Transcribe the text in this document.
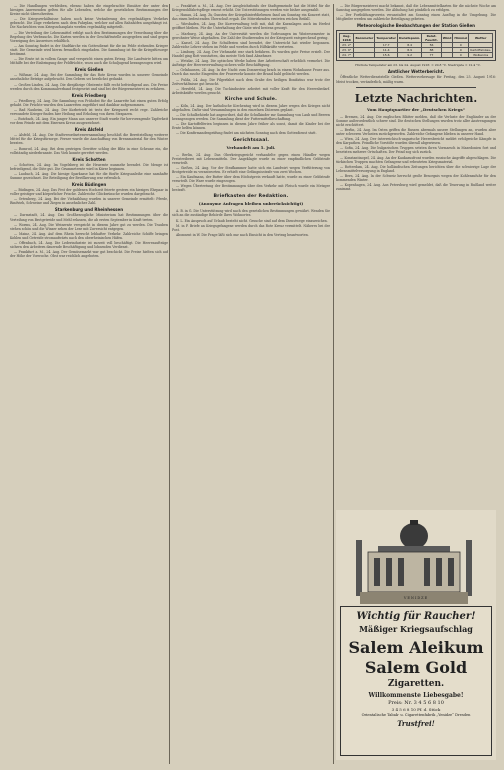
— Die Handlungen verbleiben, ebenso haben die eingebrachte Einsätze der unter den hiesigen Anwesenden gelten für alle Lebenden, welche die gesetzlichen Bestimmungen der Kreise nicht überschreiten.

— Die Kriegsverhältnisse haben noch keine Veränderung des regelmäßigen Verkehrs gebracht. Die Züge verkehren nach dem Fahrplan, welcher auf allen Bahnhöfen ausgehängt ist. Die Nachrichten vom Kriegsschauplatz werden regelmäßig mitgeteilt.

— Die Verteilung der Lebensmittel erfolgt nach den Bestimmungen der Verordnung über die Regelung des Verbrauchs. Die Karten werden in der Geschäftsstelle ausgegeben und sind gegen Vorzeigung des Ausweises erhältlich.

— Am Sonntag findet in der Stadtkirche ein Gottesdienst für die im Felde stehenden Krieger statt. Die Gemeinde wird hierzu freundlich eingeladen. Die Sammlung ist für die Kriegsfürsorge bestimmt.

— Die Ernte ist in vollem Gange und verspricht einen guten Ertrag. Die Landwirte bitten um Mithilfe bei der Einbringung der Feldfrüchte, wozu auch die Schuljugend herangezogen wird.

Kreis Gießen

— Wißmar, 24. Aug. Bei der Sammlung für das Rote Kreuz wurden in unserer Gemeinde ansehnliche Beträge aufgebracht. Den Gebern sei herzlichst gedankt.

— Großen-Linden, 24. Aug. Die diesjährige Obsternte fällt recht befriedigend aus. Die Preise werden durch den Kommunalverband festgesetzt und sind bei der Bürgermeisterei zu erfahren.

Kreis Friedberg

— Friedberg, 24. Aug. Die Sammlung von Frühobst für die Lazarette hat einen guten Erfolg gehabt. Die Früchte wurden den Lazaretten zugeführt und dankbar aufgenommen.

— Bad Nauheim, 24. Aug. Der Kurbetrieb ist trotz der Kriegszeit recht rege. Zahlreiche verwundete Krieger finden hier Heilung und Erholung von ihren Strapazen.

— Butzbach, 24. Aug. Ein junger Mann aus unserer Stadt wurde für hervorragende Tapferkeit vor dem Feinde mit dem Eisernen Kreuz ausgezeichnet.

Kreis Alsfeld

— Alsfeld, 24. Aug. Die Stadtverordnetenversammlung beschloß die Bereitstellung weiterer Mittel für die Kriegsfürsorge. Ferner wurde die Anschaffung von Brennmaterial für den Winter beraten.

— Romrod, 24. Aug. Bei dem gestrigen Gewitter schlug der Blitz in eine Scheune ein, die vollständig niederbrannte. Das Vieh konnte gerettet werden.

Kreis Schotten

— Schotten, 24. Aug. Im Vogelsberg ist die Heuernte nunmehr beendet. Die Menge ist befriedigend, die Güte gut. Die Grummeternte wird in Kürze beginnen.

— Laubach, 24. Aug. Die hiesige Sparkasse hat für die fünfte Kriegsanleihe eine namhafte Summe gezeichnet. Die Beteiligung der Bevölkerung war erfreulich.

Kreis Büdingen

— Büdingen, 24. Aug. Das Fest der goldenen Hochzeit feierte gestern ein hiesiges Ehepaar in voller geistiger und körperlicher Frische. Zahlreiche Glückwünsche wurden dargebracht.

— Ortenberg, 24. Aug. Bei der Viehzählung wurden in unserer Gemeinde ermittelt: Pferde, Rindvieh, Schweine und Ziegen in ansehnlicher Zahl.

Starkenburg und Rheinhessen

— Darmstadt, 24. Aug. Das Großherzogliche Ministerium hat Bestimmungen über die Verteilung von Brotgetreide und Mehl erlassen, die ab ersten September in Kraft treten.

— Worms, 24. Aug. Die Weinernte verspricht in diesem Jahre gut zu werden. Die Trauben stehen schön und die Winzer sehen der Lese mit Zuversicht entgegen.

— Mainz, 24. Aug. Auf dem Rhein herrscht lebhafter Verkehr. Zahlreiche Schiffe bringen Kohlen und Getreide stromaufwärts nach den oberrheinischen Häfen.

— Offenbach, 24. Aug. Die Lederindustrie ist zurzeit voll beschäftigt. Die Heeresaufträge sichern den Arbeitern dauernde Beschäftigung und lohnenden Verdienst.

— Frankfurt a. M., 24. Aug. Der Gemüsemarkt war gut beschickt. Die Preise hielten sich auf der Höhe der Vorwoche. Obst war reichlich angeboten.

— Frankfurt a. M., 24. Aug. Der Ausgleichsfonds der Stadtgemeinde hat die Mittel für die Kriegswohlfahrtspflege erneut erhöht. Die Unterstützungen werden wie bisher ausgezahlt.

— Hanau, 24. Aug. Zu Gunsten der Kriegshinterbliebenen fand am Sonntag ein Konzert statt, das einen bedeutenden Überschuß ergab. Die Mitwirkenden ernteten reichen Beifall.

— Wiesbaden, 24. Aug. Die Kurverwaltung teilt mit, daß die Kuranlagen auch im Herbst geöffnet bleiben. Für die Unterhaltung der Gäste wird bestens gesorgt.

— Marburg, 24. Aug. An der Universität werden die Vorlesungen im Wintersemester in gewohnter Weise abgehalten. Die Zahl der Studierenden ist der Kriegszeit entsprechend gering.

— Kassel, 24. Aug. Die Schulferien sind beendet, der Unterricht hat wieder begonnen. Zahlreiche Lehrer stehen im Felde und werden durch Hilfskräfte vertreten.

— Limburg, 24. Aug. Der Viehmarkt war stark befahren. Es wurden gute Preise erzielt. Der Handel ging flott vonstatten, das meiste Vieh fand Abnehmer.

— Wetzlar, 24. Aug. Die optischen Werke haben ihre Arbeiterschaft erheblich vermehrt. Die Aufträge der Heeresverwaltung sichern volle Beschäftigung.

— Gelnhausen, 24. Aug. In der Nacht zum Donnerstag brach in einem Wohnhause Feuer aus. Durch das rasche Eingreifen der Feuerwehr konnte der Brand bald gelöscht werden.

— Fulda, 24. Aug. Die Pilgerfahrt nach dem Grabe des heiligen Bonifatius war trotz der Zeitverhältnisse gut besucht.

— Hersfeld, 24. Aug. Die Tuchindustrie arbeitet mit voller Kraft für den Heeresbedarf. Arbeitskräfte werden gesucht.

Kirche und Schule.

— Köln, 24. Aug. Der katholische Kirchentag wird in diesem Jahre wegen des Krieges nicht abgehalten. Dafür sind Versammlungen in den einzelnen Diözesen geplant.

— Die Schulbehörde hat angeordnet, daß die Schulkinder zur Sammlung von Laub und Beeren herangezogen werden. Die Sammlung dient der Futtermittelbeschaffung.

— Die Kartoffelferien beginnen in diesem Jahre früher als sonst, damit die Kinder bei der Ernte helfen können.

— Die Konfirmandenprüfung findet am nächsten Sonntag nach dem Gottesdienst statt.

Gerichtssaal.
Verhandelt am 5. Juli.

— Berlin, 24. Aug. Das Oberkriegsgericht verhandelte gegen einen Händler wegen Preistreiberei mit Lebensmitteln. Der Angeklagte wurde zu einer empfindlichen Geldstrafe verurteilt.

— Gießen, 24. Aug. Vor der Strafkammer hatte sich ein Landwirt wegen Verfütterung von Brotgetreide zu verantworten. Er erhielt eine Gefängnisstrafe von zwei Wochen.

— Ein Kaufmann, der Butter über dem Höchstpreis verkauft hatte, wurde zu einer Geldstrafe verurteilt. Die Ware wurde eingezogen.

— Wegen Übertretung der Bestimmungen über den Verkehr mit Fleisch wurde ein Metzger bestraft.

Briefkasten der Redaktion.
(Anonyme Anfragen bleiben unberücksichtigt)

A. B. in G. Die Unterstützung wird nach den gesetzlichen Bestimmungen gewährt. Wenden Sie sich an die zuständige Behörde Ihres Wohnortes.

K. L. Ein Anspruch auf Urlaub besteht nicht. Gesuche sind auf dem Dienstwege einzureichen.

M. in F. Briefe an Kriegsgefangene werden durch das Rote Kreuz vermittelt. Näheres bei der Post.

Abonnent in W. Die Frage läßt sich nur nach Einsicht in den Vertrag beantworten.

— Die Bürgermeisterei macht bekannt, daß die Lebensmittelkarten für die nächste Woche am Samstag ausgegeben werden. Die Abholung hat pünktlich zu erfolgen.

— Der Fortbildungsverein veranstaltet am Sonntag einen Ausflug in die Umgebung. Die Mitglieder werden um zahlreiche Beteiligung gebeten.

Meteorologische Beobachtungen der Station Gießen
Aug. 1916	Barometer	Temperatur	Dunstspann.	Relat. Feucht.	Wind	Himmel	Wetter
23. 2°		17.7	8.4	56		0	
23. 9°		11.4	8.9	88		0	Kartoffelnäss-
24. 7°		15.6	9.2	77		0	Wolkenlos

Höchste Temperatur am 23. bis 24. August 1916: = 20.8 °C. Niedrigste = 12.4 °C.

Amtlicher Wetterbericht.

Öffentliche Wetterdienststelle Gießen. Wettervorhersage für Freitag, den 25. August 1916: Meist trocken, veränderlich, mäßig warm.

Letzte Nachrichten.
Vom Hauptquartier der „Deutschen Kriegs“

— Bremen, 24. Aug. Die englischen Blätter melden, daß die Verluste der Engländer an der Somme außerordentlich schwer sind. Die deutschen Stellungen wurden trotz aller Anstrengungen nicht erschüttert.

— Berlin, 24. Aug. Im Osten griffen die Russen abermals unsere Stellungen an, wurden aber unter schweren Verlusten zurückgeworfen. Zahlreiche Gefangene blieben in unserer Hand.

— Wien, 24. Aug. Der österreichisch-ungarische Heeresbericht meldet erfolgreiche Kämpfe in den Karpathen. Feindliche Vorstöße wurden überall abgewiesen.

— Sofia, 24. Aug. Die bulgarischen Truppen setzten ihren Vormarsch in Mazedonien fort und besetzten mehrere Ortschaften. Der Feind zog sich zurück.

— Konstantinopel, 24. Aug. An der Kaukasusfront wurden russische Angriffe abgeschlagen. Die türkischen Truppen machten Gefangene und erbeuteten Kriegsmaterial.

— Rotterdam, 24. Aug. Die holländischen Zeitungen berichten über die schwierige Lage der Lebensmittelversorgung in England.

— Bern, 24. Aug. In der Schweiz herrscht große Besorgnis wegen der Kohlenzufuhr für den kommenden Winter.

— Kopenhagen, 24. Aug. Aus Petersburg wird gemeldet, daß die Teuerung in Rußland weiter zunimmt.

VENIDZE
Wichtig für Raucher!
Mäßiger Kriegsaufschlag
Salem Aleikum
Salem Gold
Zigaretten.
Willkommenste Liebesgabe!
Preis: Nr. 3 4 5 6 8 10
3 4 5 6 8 10 Pf. d. Stück
Orientalische Tabak- u. Cigarettenfabrik „Yenidze“ Dresden
Trustfrei!
